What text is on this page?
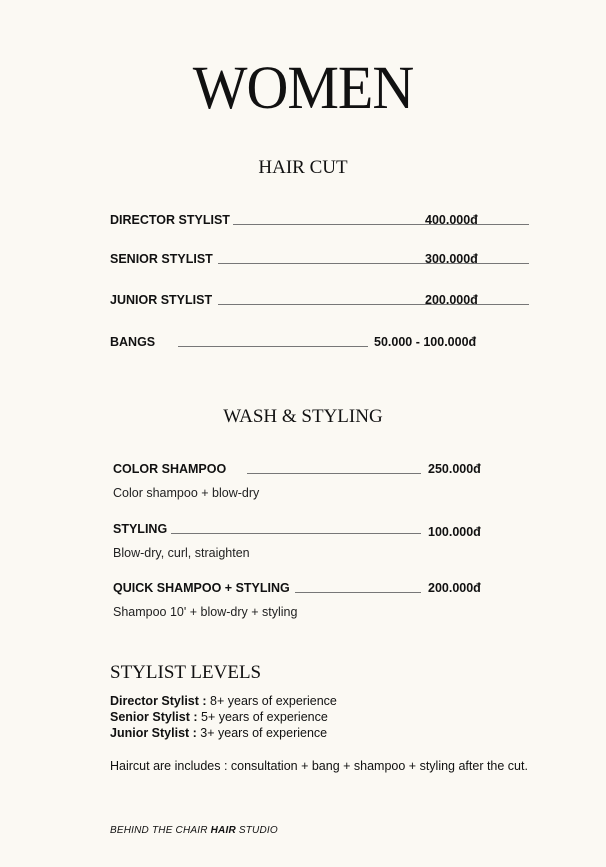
WOMEN
HAIR CUT
DIRECTOR STYLIST	400.000đ
SENIOR STYLIST	300.000đ
JUNIOR STYLIST	200.000đ
BANGS	50.000 - 100.000đ
WASH & STYLING
COLOR SHAMPOO	250.000đ
Color shampoo + blow-dry
STYLING	100.000đ
Blow-dry, curl, straighten
QUICK SHAMPOO + STYLING	200.000đ
Shampoo 10' + blow-dry + styling
STYLIST LEVELS
Director Stylist : 8+ years of experience
Senior Stylist : 5+ years of experience
Junior Stylist : 3+ years of experience
Haircut are includes : consultation + bang + shampoo + styling after the cut.
BEHIND THE CHAIR HAIR STUDIO
